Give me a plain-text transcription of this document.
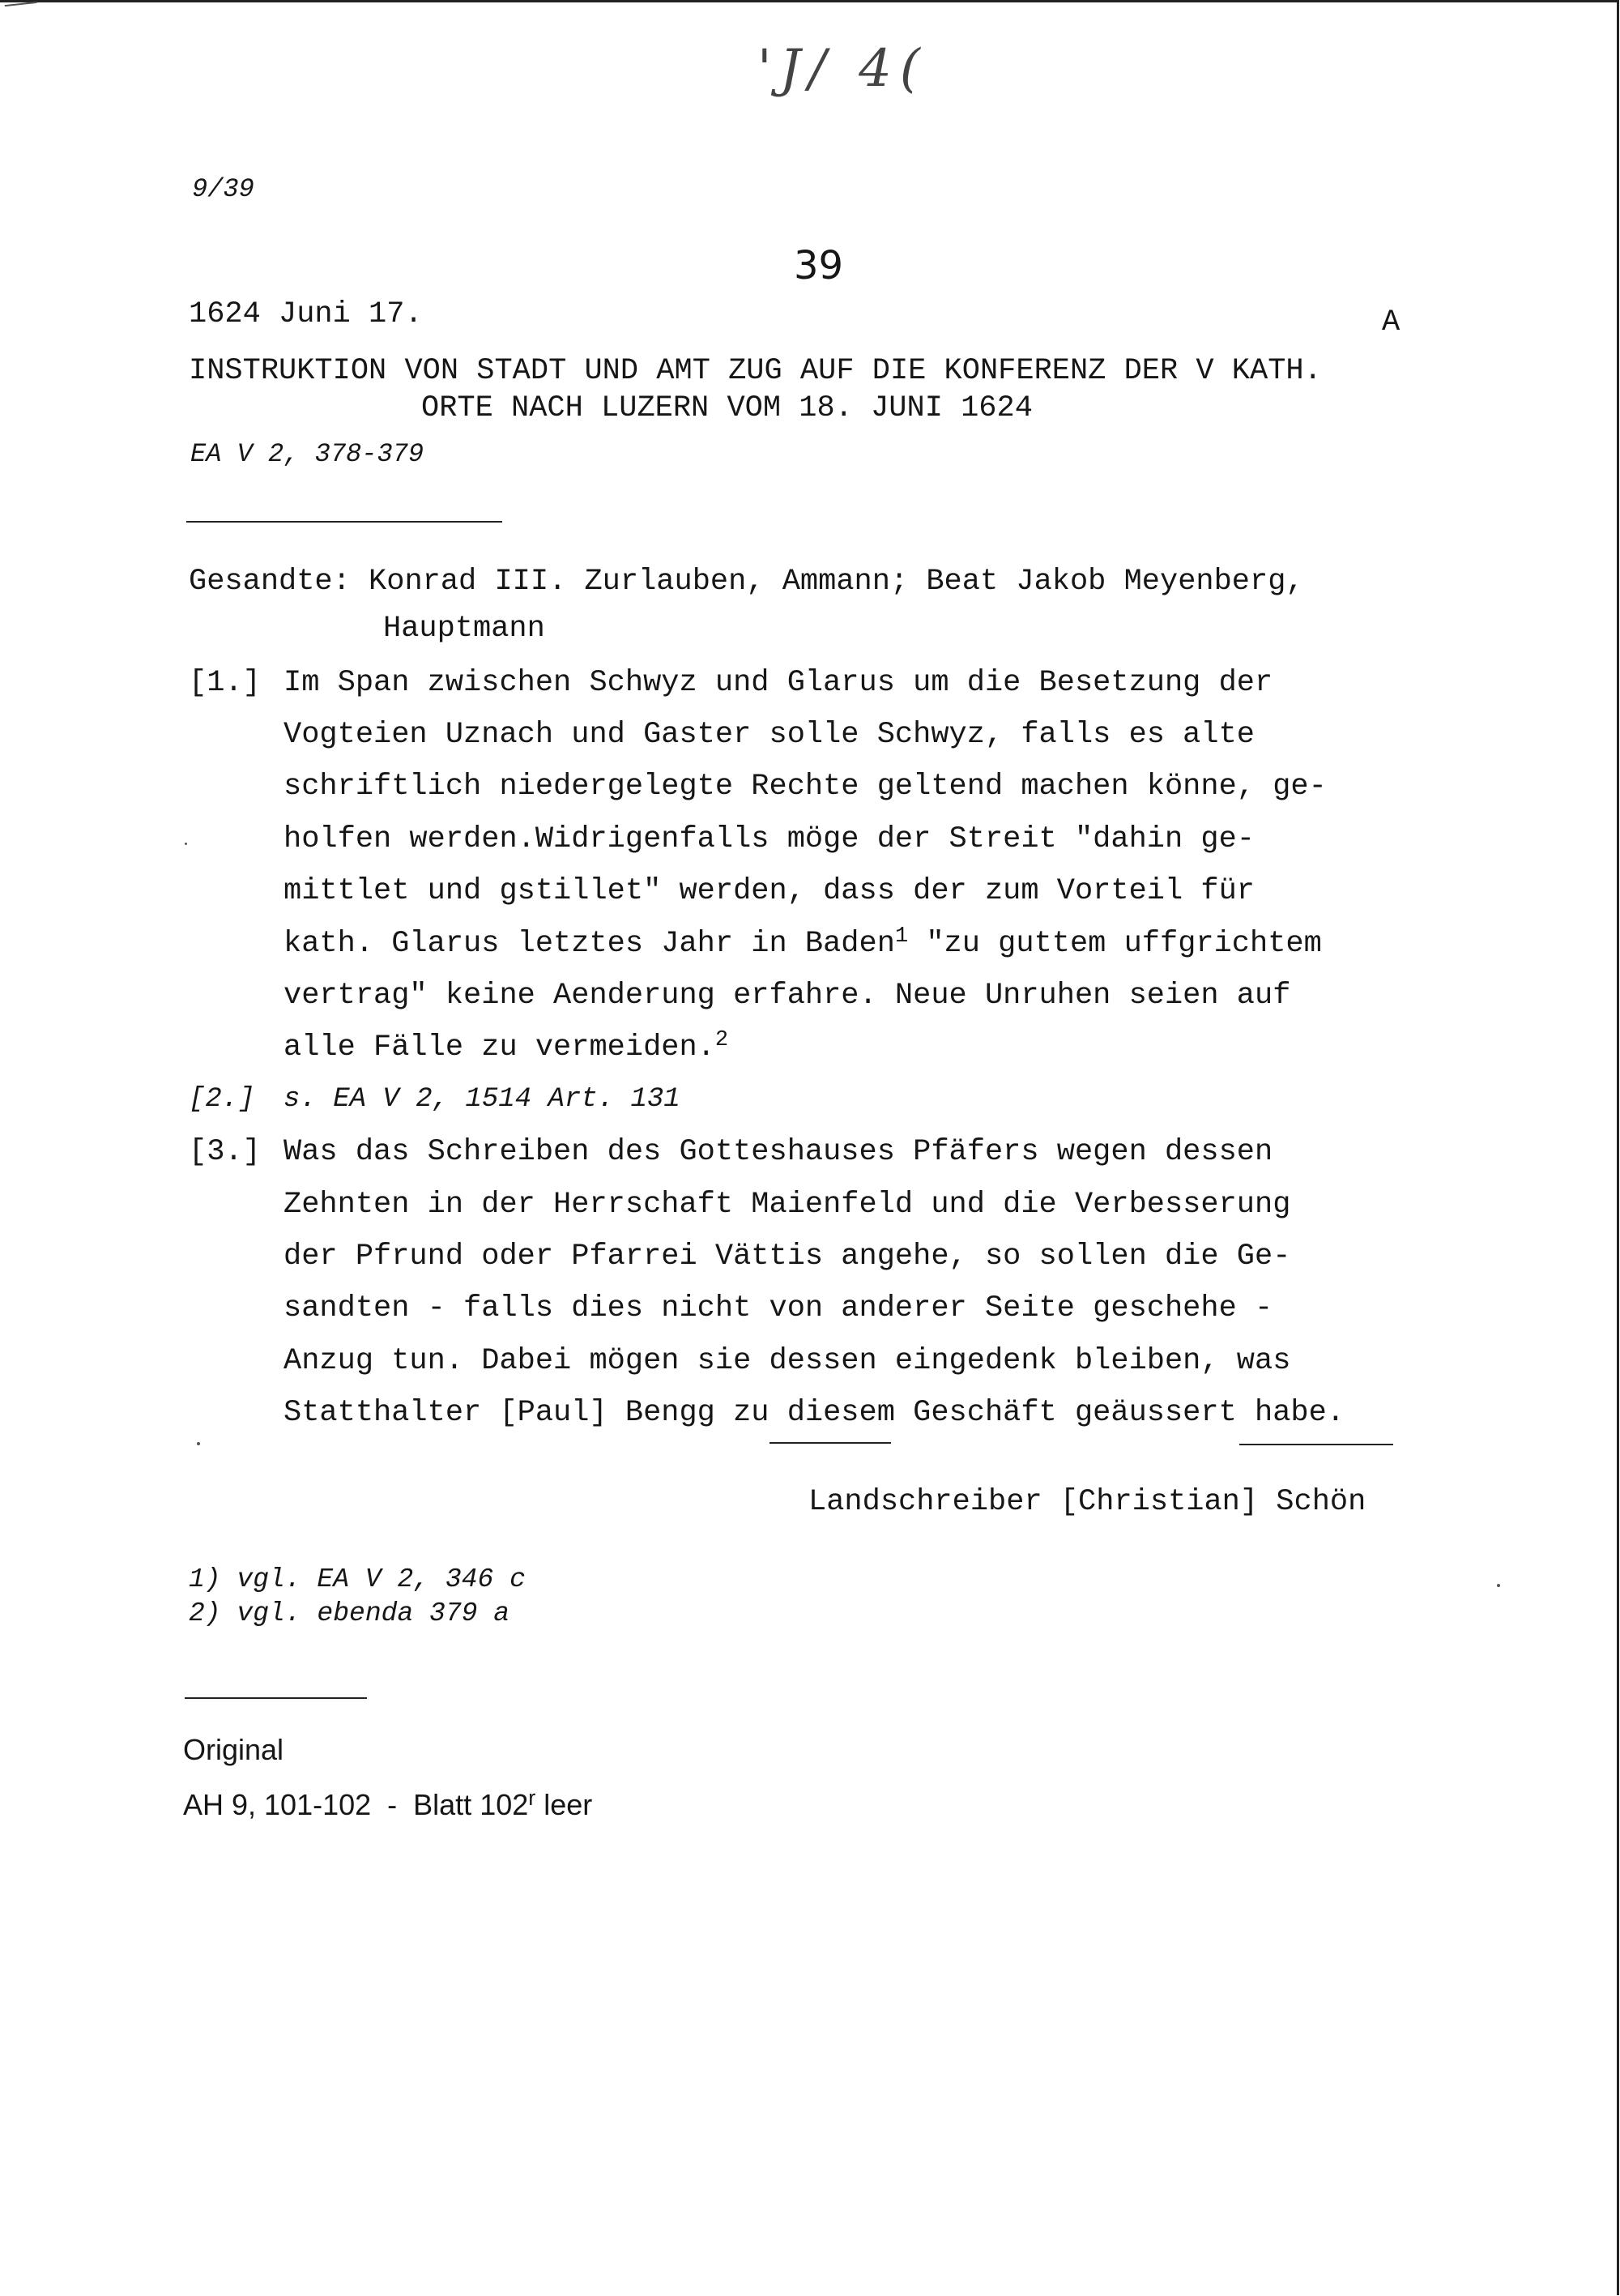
'J/ 4(
9/39
39
1624 Juni 17.	A
INSTRUKTION VON STADT UND AMT ZUG AUF DIE KONFERENZ DER V KATH.
ORTE NACH LUZERN VOM 18. JUNI 1624
EA V 2, 378-379
Gesandte: Konrad III. Zurlauben, Ammann; Beat Jakob Meyenberg,
Hauptmann
[1.] Im Span zwischen Schwyz und Glarus um die Besetzung der
Vogteien Uznach und Gaster solle Schwyz, falls es alte
schriftlich niedergelegte Rechte geltend machen könne, ge-
holfen werden.Widrigenfalls möge der Streit "dahin ge-
mittlet und gstillet" werden, dass der zum Vorteil für
kath. Glarus letztes Jahr in Baden$^1$ "zu guttem uffgrichtem
vertrag" keine Aenderung erfahre. Neue Unruhen seien auf
alle Fälle zu vermeiden.$^2$
[2.] s. EA V 2, 1514 Art. 131
[3.] Was das Schreiben des Gotteshauses Pfäfers wegen dessen
Zehnten in der Herrschaft Maienfeld und die Verbesserung
der Pfrund oder Pfarrei Vättis angehe, so sollen die Ge-
sandten - falls dies nicht von anderer Seite geschehe -
Anzug tun. Dabei mögen sie dessen eingedenk bleiben, was
Statthalter [Paul] Bengg zu diesem Geschäft geäussert habe.
Landschreiber [Christian] Schön
1) vgl. EA V 2, 346 c
2) vgl. ebenda 379 a
Original
AH 9, 101-102  -  Blatt 102$^r$ leer
